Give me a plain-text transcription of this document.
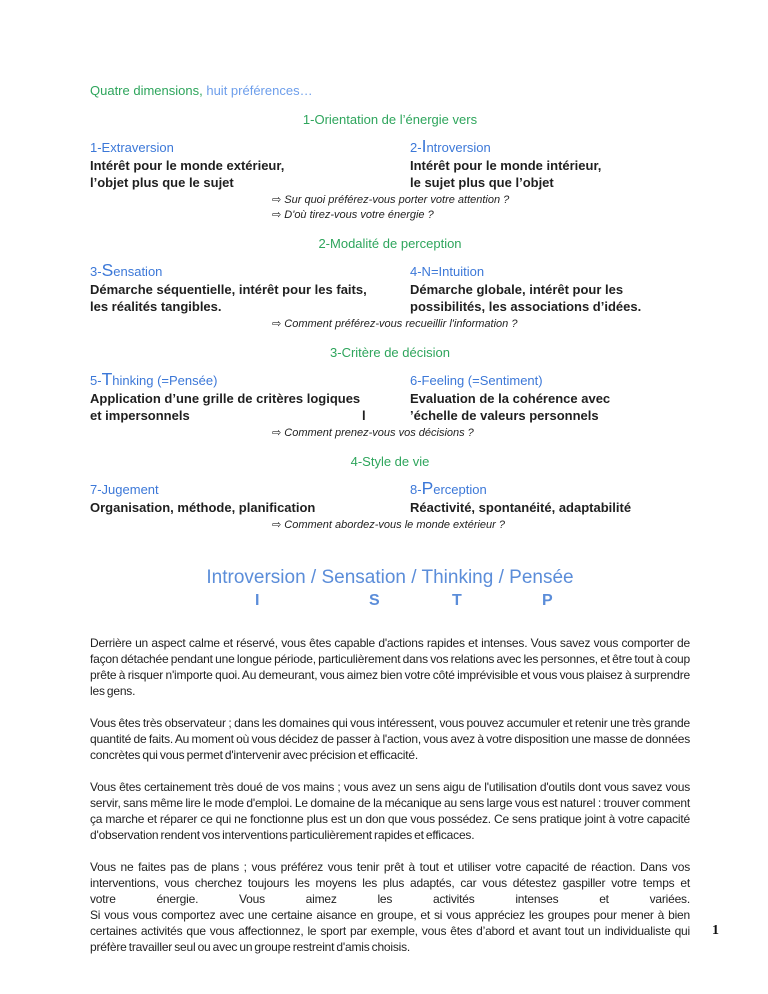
Quatre dimensions, huit préférences…
1-Orientation de l’énergie vers
1-Extraversion
Intérêt pour le monde extérieur,
l’objet plus que le sujet
2-Introversion
Intérêt pour le monde intérieur,
le sujet plus que l’objet
⇨ Sur quoi préférez-vous porter votre attention ?
⇨ D'où tirez-vous votre énergie ?
2-Modalité de perception
3-Sensation
Démarche séquentielle, intérêt pour les faits,
les réalités tangibles.
4-N=Intuition
Démarche globale, intérêt pour les
possibilités, les associations d’idées.
⇨ Comment préférez-vous recueillir l'information ?
3-Critère de décision
5-Thinking (=Pensée)
Application d’une grille de critères logiques
et impersonnels	l
6-Feeling (=Sentiment)
Evaluation de la cohérence avec
’échelle de valeurs personnels
⇨ Comment prenez-vous vos décisions ?
4-Style de vie
7-Jugement
Organisation, méthode, planification
8-Perception
Réactivité, spontanéité, adaptabilité
⇨ Comment abordez-vous le monde extérieur ?
Introversion / Sensation / Thinking / Pensée
I	S	T	P
Derrière un aspect calme et réservé, vous êtes capable d'actions rapides et intenses. Vous savez vous comporter de façon détachée pendant une longue période, particulièrement dans vos relations avec les personnes, et être tout à coup prête à risquer n'importe quoi. Au demeurant, vous aimez bien votre côté imprévisible et vous vous plaisez à surprendre les gens.
Vous êtes très observateur ; dans les domaines qui vous intéressent, vous pouvez accumuler et retenir une très grande quantité de faits. Au moment où vous décidez de passer à l'action, vous avez à votre disposition une masse de données concrètes qui vous permet d'intervenir avec précision et efficacité.
Vous êtes certainement très doué de vos mains ; vous avez un sens aigu de l'utilisation d'outils dont vous savez vous servir, sans même lire le mode d'emploi. Le domaine de la mécanique au sens large vous est naturel : trouver comment ça marche et réparer ce qui ne fonctionne plus est un don que vous possédez. Ce sens pratique joint à votre capacité d'observation rendent vos interventions particulièrement rapides et efficaces.
Vous ne faites pas de plans ; vous préférez vous tenir prêt à tout et utiliser votre capacité de réaction. Dans vos interventions, vous cherchez toujours les moyens les plus adaptés, car vous détestez gaspiller votre temps et
votre énergie. Vous aimez les activités intenses et variées.
Si vous vous comportez avec une certaine aisance en groupe, et si vous appréciez les groupes pour mener à bien certaines activités que vous affectionnez, le sport par exemple, vous êtes d’abord et avant tout un individualiste qui préfère travailler seul ou avec un groupe restreint d'amis choisis.
1
